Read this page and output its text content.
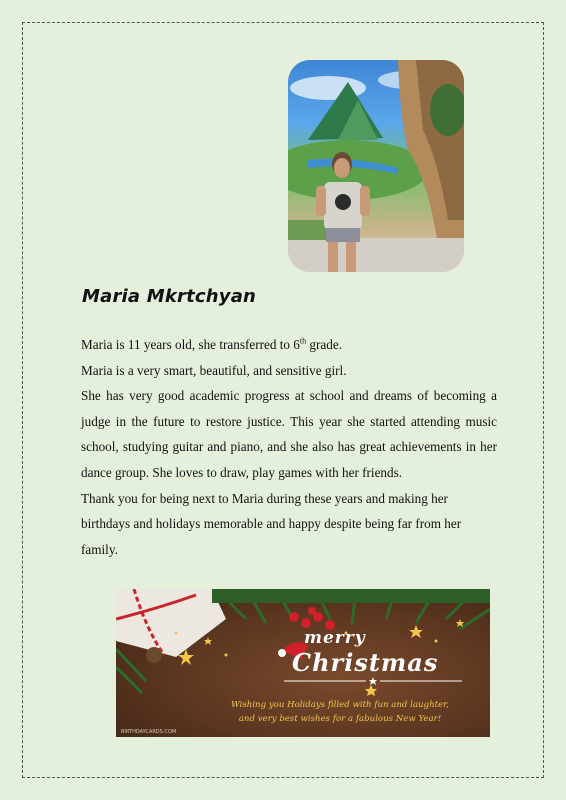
Maria Mkrtchyan

Maria is 11 years old, she transferred to 6th grade.

Maria is a very smart, beautiful, and sensitive girl.

She has very good academic progress at school and dreams of becoming a judge in the future to restore justice. This year she started attending music school, studying guitar and piano, and she also has great achievements in her dance group. She loves to draw, play games with her friends.

Thank you for being next to Maria during these years and making her

birthdays and holidays memorable and happy despite being far from her

family.

merry
Christmas
Wishing you Holidays filled with fun and laughter,
and very best wishes for a fabulous New Year!
BIRTHDAYCARDS.COM
